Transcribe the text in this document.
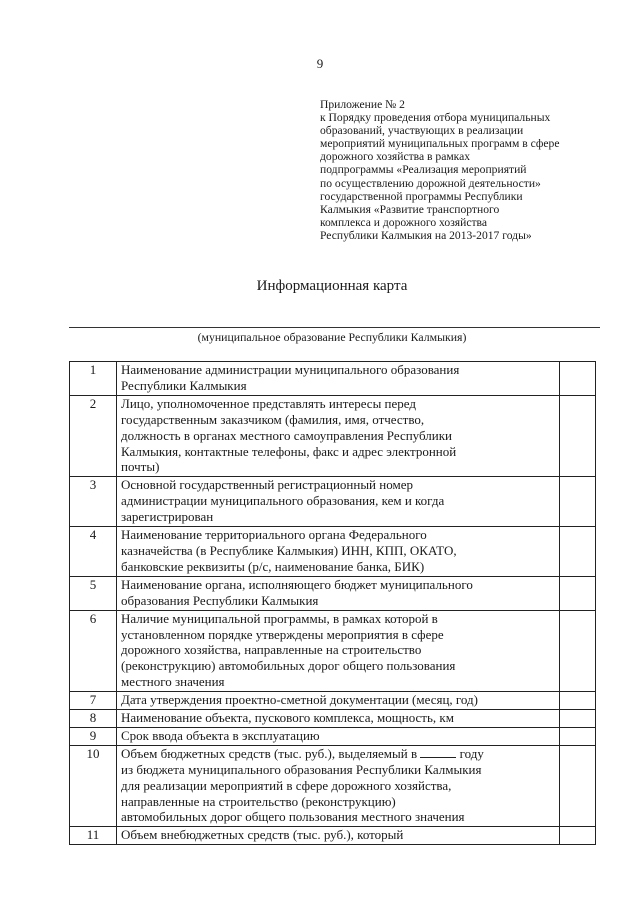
9
Приложение № 2
к Порядку проведения отбора муниципальных
образований, участвующих в реализации
мероприятий муниципальных программ в сфере
дорожного хозяйства в рамках
подпрограммы «Реализация мероприятий
по осуществлению дорожной деятельности»
государственной программы Республики
Калмыкия «Развитие транспортного
комплекса и дорожного хозяйства
Республики Калмыкия на 2013-2017 годы»
Информационная карта
(муниципальное образование Республики Калмыкия)
1	Наименование администрации муниципального образования
Республики Калмыкия	
2	Лицо, уполномоченное представлять интересы перед
государственным заказчиком (фамилия, имя, отчество,
должность в органах местного самоуправления Республики
Калмыкия, контактные телефоны, факс и адрес электронной
почты)	
3	Основной государственный регистрационный номер
администрации муниципального образования, кем и когда
зарегистрирован	
4	Наименование территориального органа Федерального
казначейства (в Республике Калмыкия) ИНН, КПП, ОКАТО,
банковские реквизиты (р/с, наименование банка, БИК)	
5	Наименование органа, исполняющего бюджет муниципального
образования Республики Калмыкия	
6	Наличие муниципальной программы, в рамках которой в
установленном порядке утверждены мероприятия в сфере
дорожного хозяйства, направленные на строительство
(реконструкцию) автомобильных дорог общего пользования
местного значения	
7	Дата утверждения проектно-сметной документации (месяц, год)	
8	Наименование объекта, пускового комплекса, мощность, км	
9	Срок ввода объекта в эксплуатацию	
10	Объем бюджетных средств (тыс. руб.), выделяемый в году
из бюджета муниципального образования Республики Калмыкия
для реализации мероприятий в сфере дорожного хозяйства,
направленные на строительство (реконструкцию)
автомобильных дорог общего пользования местного значения	
11	Объем внебюджетных средств (тыс. руб.), который	
